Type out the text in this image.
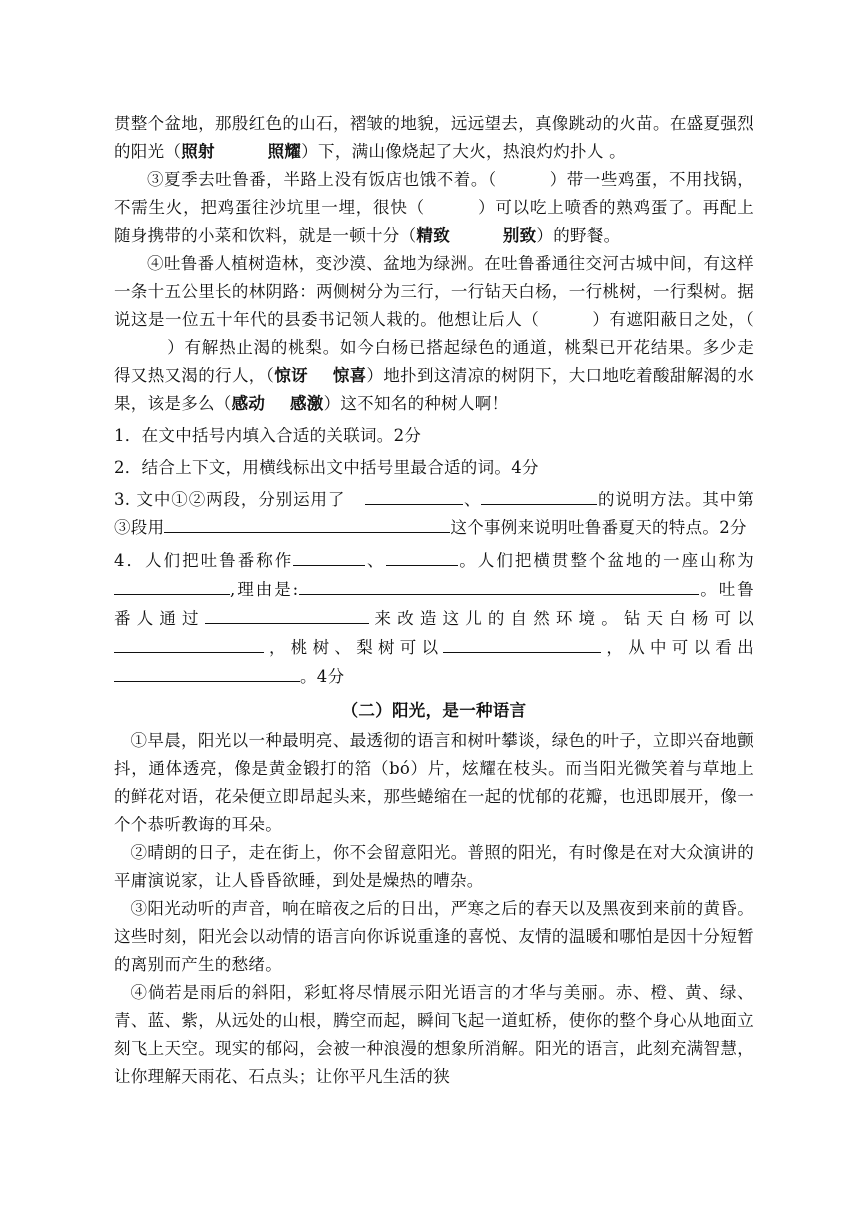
贯整个盆地，那殷红色的山石，褶皱的地貌，远远望去，真像跳动的火苗。在盛夏强烈的阳光（照射	照耀）下，满山像烧起了大火，热浪灼灼扑人 。

③夏季去吐鲁番，半路上没有饭店也饿不着。（	）带一些鸡蛋，不用找锅，不需生火，把鸡蛋往沙坑里一埋，很快（	）可以吃上喷香的熟鸡蛋了。再配上随身携带的小菜和饮料，就是一顿十分（精致	别致）的野餐。

④吐鲁番人植树造林，变沙漠、盆地为绿洲。在吐鲁番通往交河古城中间，有这样一条十五公里长的林阴路：两侧树分为三行，一行钻天白杨，一行桃树，一行梨树。据说这是一位五十年代的县委书记领人栽的。他想让后人（	）有遮阳蔽日之处，（）有解热止渴的桃梨。如今白杨已搭起绿色的通道，桃梨已开花结果。多少走得又热又渴的行人，（惊讶 惊喜）地扑到这清凉的树阴下，大口地吃着酸甜解渴的水果，该是多么（感动 感激）这不知名的种树人啊！

1．在文中括号内填入合适的关联词。2分

2．结合上下文，用横线标出文中括号里最合适的词。4分

3. 文中①②两段，分别运用了	、	的说明方法。其中第③段用	这个事例来说明吐鲁番夏天的特点。2分

4．人们把吐鲁番称作	、	。人们把横贯整个盆地的一座山称为,理由是:	。吐鲁番人通过	来改造这儿的自然环境。钻天白杨可以，桃树、梨树可以	，从中可以看出。4分

（二）阳光，是一种语言

①早晨，阳光以一种最明亮、最透彻的语言和树叶攀谈，绿色的叶子，立即兴奋地颤抖，通体透亮，像是黄金锻打的箔（bó）片，炫耀在枝头。而当阳光微笑着与草地上的鲜花对语，花朵便立即昂起头来，那些蜷缩在一起的忧郁的花瓣，也迅即展开，像一个个恭听教诲的耳朵。

②晴朗的日子，走在街上，你不会留意阳光。普照的阳光，有时像是在对大众演讲的平庸演说家，让人昏昏欲睡，到处是燥热的嘈杂。

③阳光动听的声音，响在暗夜之后的日出，严寒之后的春天以及黑夜到来前的黄昏。这些时刻，阳光会以动情的语言向你诉说重逢的喜悦、友情的温暖和哪怕是因十分短暂的离别而产生的愁绪。

④倘若是雨后的斜阳，彩虹将尽情展示阳光语言的才华与美丽。赤、橙、黄、绿、青、蓝、紫，从远处的山根，腾空而起，瞬间飞起一道虹桥，使你的整个身心从地面立刻飞上天空。现实的郁闷，会被一种浪漫的想象所消解。阳光的语言，此刻充满智慧，让你理解天雨花、石点头；让你平凡生活的狭
